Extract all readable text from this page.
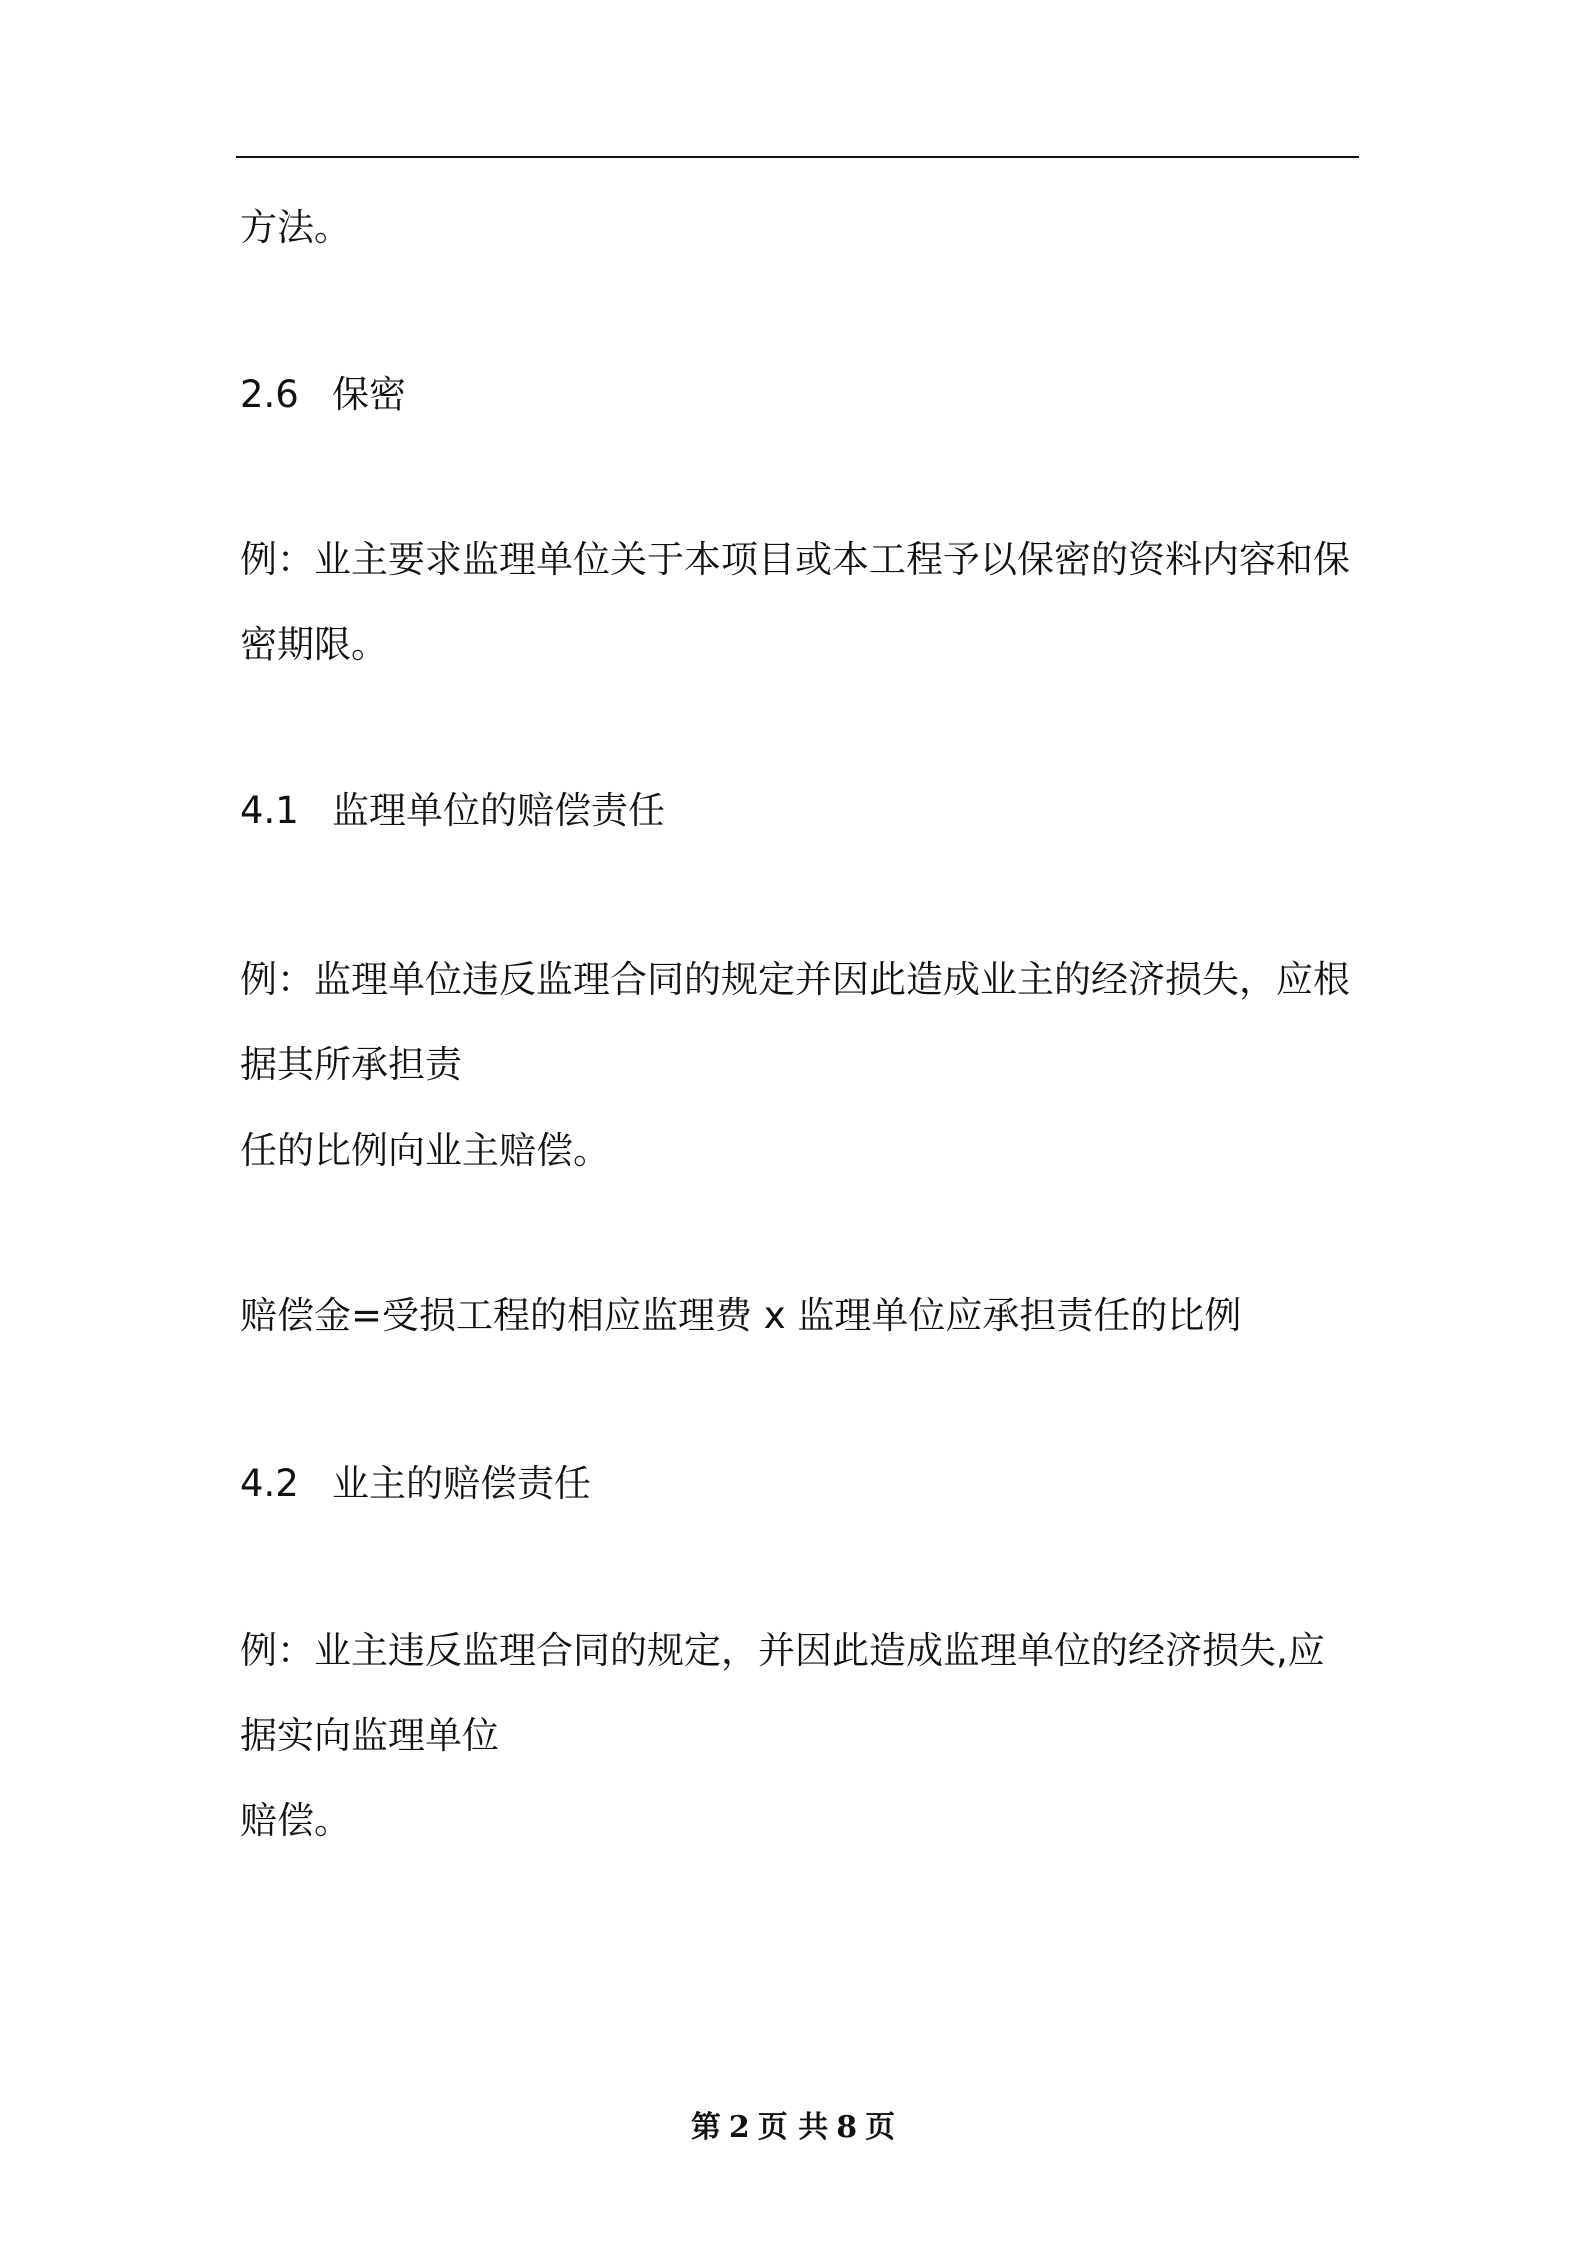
方法。
2.6 保密
例：业主要求监理单位关于本项目或本工程予以保密的资料内容和保
密期限。
4.1 监理单位的赔偿责任
例：监理单位违反监理合同的规定并因此造成业主的经济损失，应根
据其所承担责
任的比例向业主赔偿。
赔偿金=受损工程的相应监理费 x 监理单位应承担责任的比例
4.2 业主的赔偿责任
例：业主违反监理合同的规定，并因此造成监理单位的经济损失,应
据实向监理单位
赔偿。
第 2 页 共 8 页
